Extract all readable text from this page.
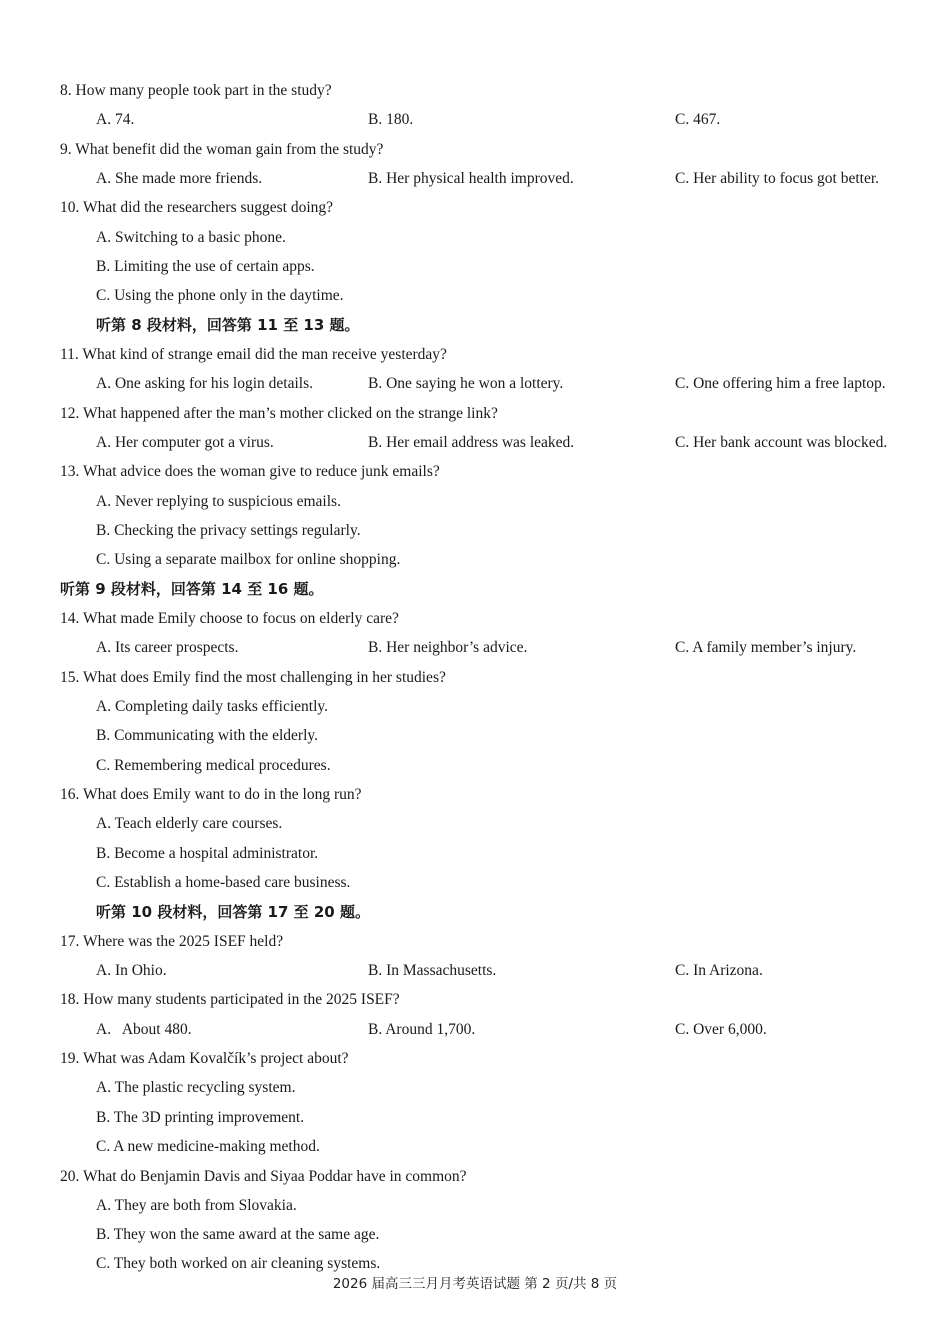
8. How many people took part in the study?
A. 74.	B. 180.	C. 467.
9. What benefit did the woman gain from the study?
A. She made more friends.	B. Her physical health improved.	C. Her ability to focus got better.
10. What did the researchers suggest doing?
A. Switching to a basic phone.
B. Limiting the use of certain apps.
C. Using the phone only in the daytime.
听第 8 段材料，回答第 11 至 13 题。
11. What kind of strange email did the man receive yesterday?
A. One asking for his login details.	B. One saying he won a lottery.	C. One offering him a free laptop.
12. What happened after the man’s mother clicked on the strange link?
A. Her computer got a virus.	B. Her email address was leaked.	C. Her bank account was blocked.
13. What advice does the woman give to reduce junk emails?
A. Never replying to suspicious emails.
B. Checking the privacy settings regularly.
C. Using a separate mailbox for online shopping.
听第 9 段材料，回答第 14 至 16 题。
14. What made Emily choose to focus on elderly care?
A. Its career prospects.	B. Her neighbor’s advice.	C. A family member’s injury.
15. What does Emily find the most challenging in her studies?
A. Completing daily tasks efficiently.
B. Communicating with the elderly.
C. Remembering medical procedures.
16. What does Emily want to do in the long run?
A. Teach elderly care courses.
B. Become a hospital administrator.
C. Establish a home-based care business.
听第 10 段材料，回答第 17 至 20 题。
17. Where was the 2025 ISEF held?
A. In Ohio.	B. In Massachusetts.	C. In Arizona.
18. How many students participated in the 2025 ISEF?
A.   About 480.	B. Around 1,700.	C. Over 6,000.
19. What was Adam Kovalčík’s project about?
A. The plastic recycling system.
B. The 3D printing improvement.
C. A new medicine-making method.
20. What do Benjamin Davis and Siyaa Poddar have in common?
A. They are both from Slovakia.
B. They won the same award at the same age.
C. They both worked on air cleaning systems.
2026 届高三三月月考英语试题 第 2 页/共 8 页
